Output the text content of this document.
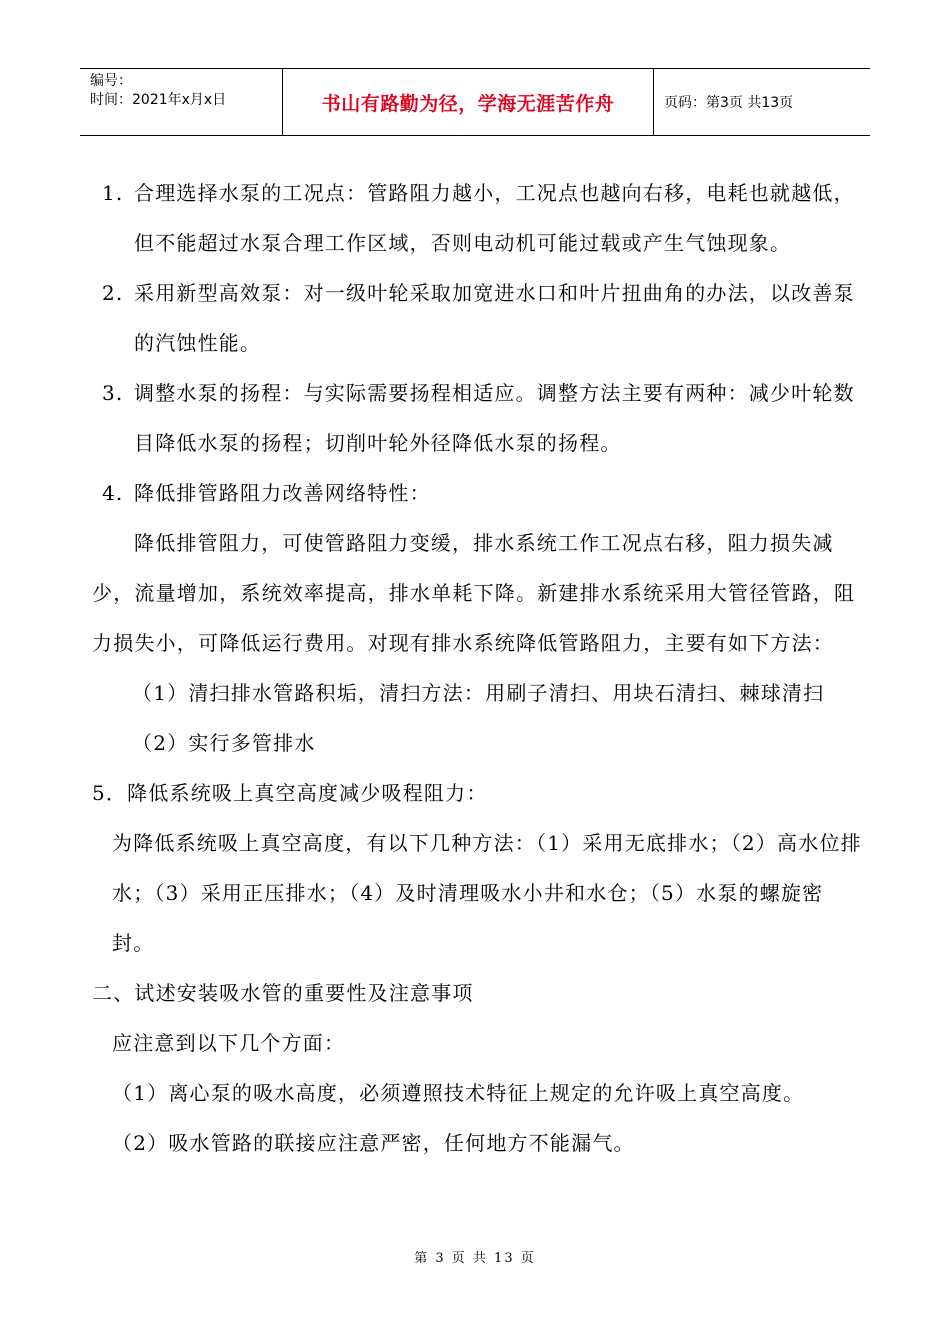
编号：
时间：2021年x月x日	书山有路勤为径，学海无涯苦作舟	页码：第3页 共13页
1. 合理选择水泵的工况点：管路阻力越小，工况点也越向右移，电耗也就越低，但不能超过水泵合理工作区域，否则电动机可能过载或产生气蚀现象。
2. 采用新型高效泵：对一级叶轮采取加宽进水口和叶片扭曲角的办法，以改善泵的汽蚀性能。
3. 调整水泵的扬程：与实际需要扬程相适应。调整方法主要有两种：减少叶轮数目降低水泵的扬程；切削叶轮外径降低水泵的扬程。
4. 降低排管路阻力改善网络特性：

降低排管阻力，可使管路阻力变缓，排水系统工作工况点右移，阻力损失减少，流量增加，系统效率提高，排水单耗下降。新建排水系统采用大管径管路，阻力损失小，可降低运行费用。对现有排水系统降低管路阻力，主要有如下方法：

（1）清扫排水管路积垢，清扫方法：用刷子清扫、用块石清扫、棘球清扫

（2）实行多管排水

5．降低系统吸上真空高度减少吸程阻力：

为降低系统吸上真空高度，有以下几种方法：（1）采用无底排水；（2）高水位排水；（3）采用正压排水；（4）及时清理吸水小井和水仓；（5）水泵的螺旋密封。

二、试述安装吸水管的重要性及注意事项

应注意到以下几个方面：

（1）离心泵的吸水高度，必须遵照技术特征上规定的允许吸上真空高度。

（2）吸水管路的联接应注意严密，任何地方不能漏气。

第 3 页 共 13 页
